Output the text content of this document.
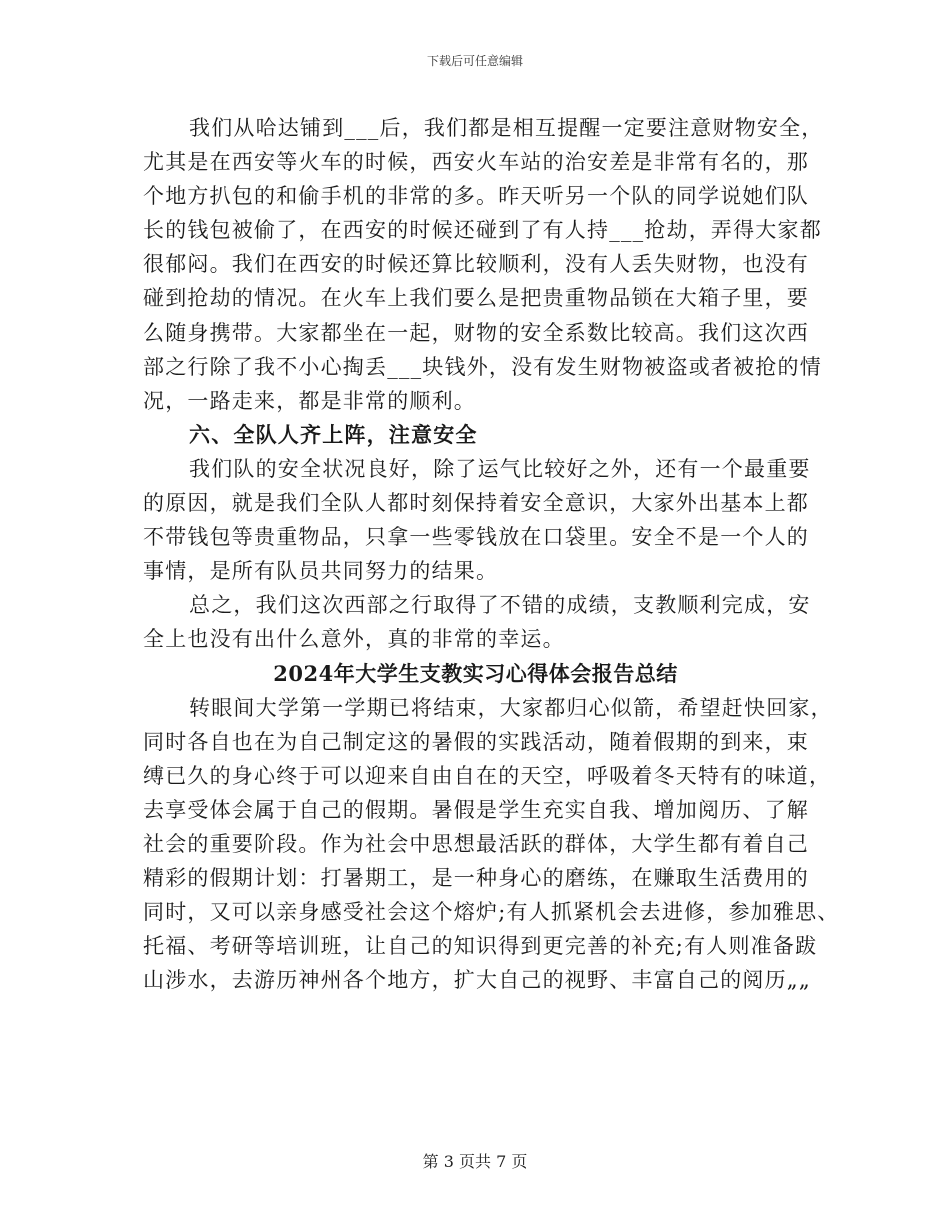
下载后可任意编辑
我们从哈达铺到___后，我们都是相互提醒一定要注意财物安全，
尤其是在西安等火车的时候，西安火车站的治安差是非常有名的，那
个地方扒包的和偷手机的非常的多。昨天听另一个队的同学说她们队
长的钱包被偷了，在西安的时候还碰到了有人持___抢劫，弄得大家都
很郁闷。我们在西安的时候还算比较顺利，没有人丢失财物，也没有
碰到抢劫的情况。在火车上我们要么是把贵重物品锁在大箱子里，要
么随身携带。大家都坐在一起，财物的安全系数比较高。我们这次西
部之行除了我不小心掏丢___块钱外，没有发生财物被盗或者被抢的情
况，一路走来，都是非常的顺利。
六、全队人齐上阵，注意安全
我们队的安全状况良好，除了运气比较好之外，还有一个最重要
的原因，就是我们全队人都时刻保持着安全意识，大家外出基本上都
不带钱包等贵重物品，只拿一些零钱放在口袋里。安全不是一个人的
事情，是所有队员共同努力的结果。
总之，我们这次西部之行取得了不错的成绩，支教顺利完成，安
全上也没有出什么意外，真的非常的幸运。
2024年大学生支教实习心得体会报告总结
转眼间大学第一学期已将结束，大家都归心似箭，希望赶快回家，
同时各自也在为自己制定这的暑假的实践活动，随着假期的到来，束
缚已久的身心终于可以迎来自由自在的天空，呼吸着冬天特有的味道，
去享受体会属于自己的假期。暑假是学生充实自我、增加阅历、了解
社会的重要阶段。作为社会中思想最活跃的群体，大学生都有着自己
精彩的假期计划：打暑期工，是一种身心的磨练，在赚取生活费用的
同时，又可以亲身感受社会这个熔炉;有人抓紧机会去进修，参加雅思、
托福、考研等培训班，让自己的知识得到更完善的补充;有人则准备跋
山涉水，去游历神州各个地方，扩大自己的视野、丰富自己的阅历„„
第 3 页共 7 页
